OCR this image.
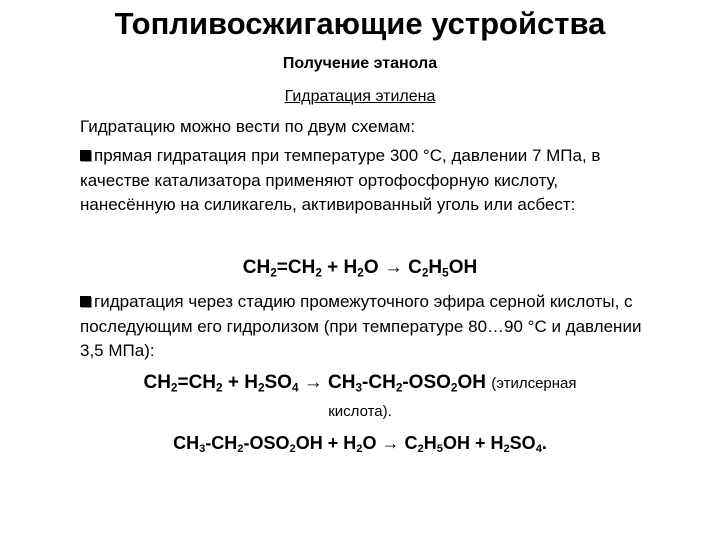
Топливосжигающие устройства
Получение этанола
Гидратация этилена
Гидратацию можно вести по двум схемам:
прямая гидратация при температуре 300 °С, давлении 7 МПа, в качестве катализатора применяют ортофосфорную кислоту, нанесённую на силикагель, активированный уголь или асбест:
$CH_2=CH_2 + H_2O \to C_2H_5OH$
гидратация через стадию промежуточного эфира серной кислоты, с последующим его гидролизом (при температуре 80…90 °С и давлении 3,5 МПа):
$CH_2=CH_2 + H_2SO_4 \to CH_3-CH_2-OSO_2OH$ (этилсерная
кислота).
$CH_3-CH_2-OSO_2OH + H_2O \to C_2H_5OH + H_2SO_4$.
